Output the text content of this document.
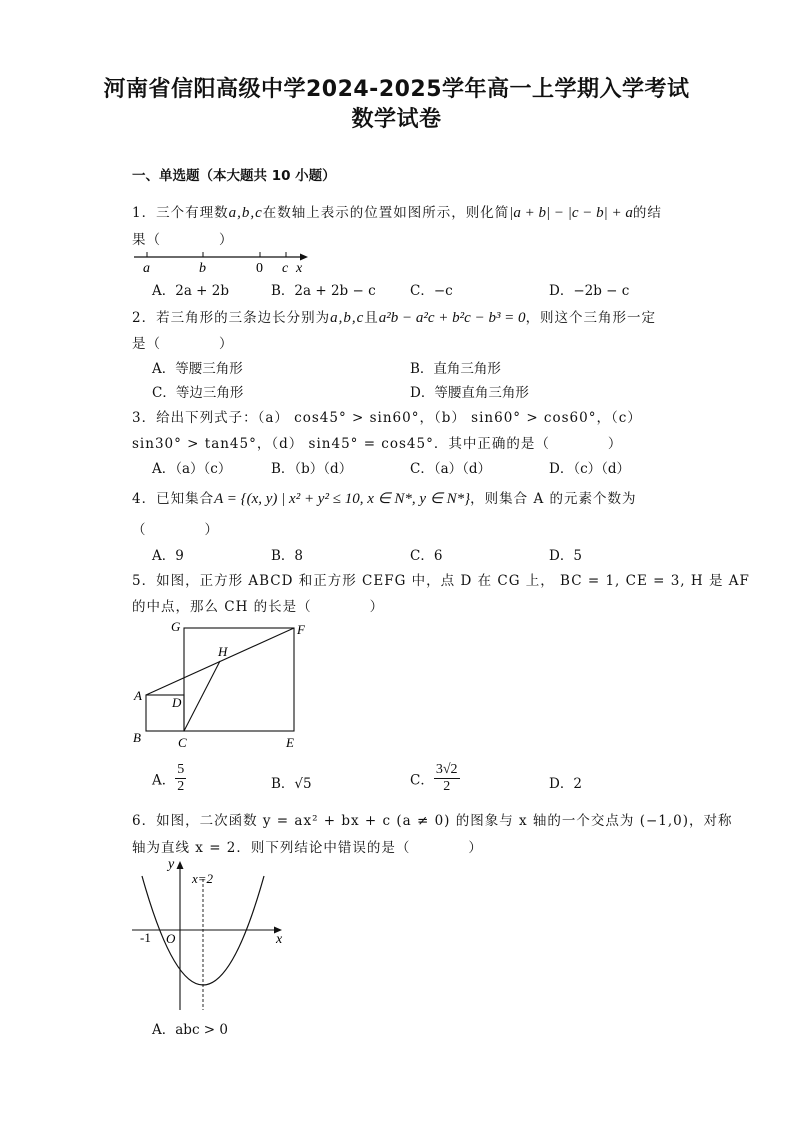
河南省信阳高级中学2024-2025学年高一上学期入学考试
数学试卷
一、单选题（本大题共 10 小题）
1．三个有理数a,b,c在数轴上表示的位置如图所示，则化简|a + b| − |c − b| + a的结
果（　　　　）
a	b	0 c x
A．2a + 2b	B．2a + 2b − c	C．−c	D．−2b − c
2．若三角形的三条边长分别为a,b,c且a²b − a²c + b²c − b³ = 0，则这个三角形一定
是（　　　　）
A．等腰三角形	B．直角三角形
C．等边三角形	D．等腰直角三角形
3．给出下列式子：（a） cos45° > sin60°，（b） sin60° > cos60°，（c）
sin30° > tan45°，（d） sin45° = cos45°．其中正确的是（　　　　）
A．（a）（c）	B．（b）（d）	C．（a）（d）	D．（c）（d）
4．已知集合A = {(x, y) | x² + y² ≤ 10, x ∈ N*, y ∈ N*}，则集合 A 的元素个数为
（　　　　）
A．9	B．8	C．6	D．5
5．如图，正方形 ABCD 和正方形 CEFG 中，点 D 在 CG 上， BC = 1, CE = 3, H 是 AF
的中点，那么 CH 的长是（　　　　）
G	F
H
A D
B	C	E
A． $\frac{5}{2}$	B．√5	C． $\frac{3√2}{2}$	D．2
6．如图，二次函数 y = ax² + bx + c (a ≠ 0) 的图象与 x 轴的一个交点为 (−1,0)，对称
轴为直线 x = 2．则下列结论中错误的是（　　　　）
y
x=2
-1 O	x
A．abc > 0
